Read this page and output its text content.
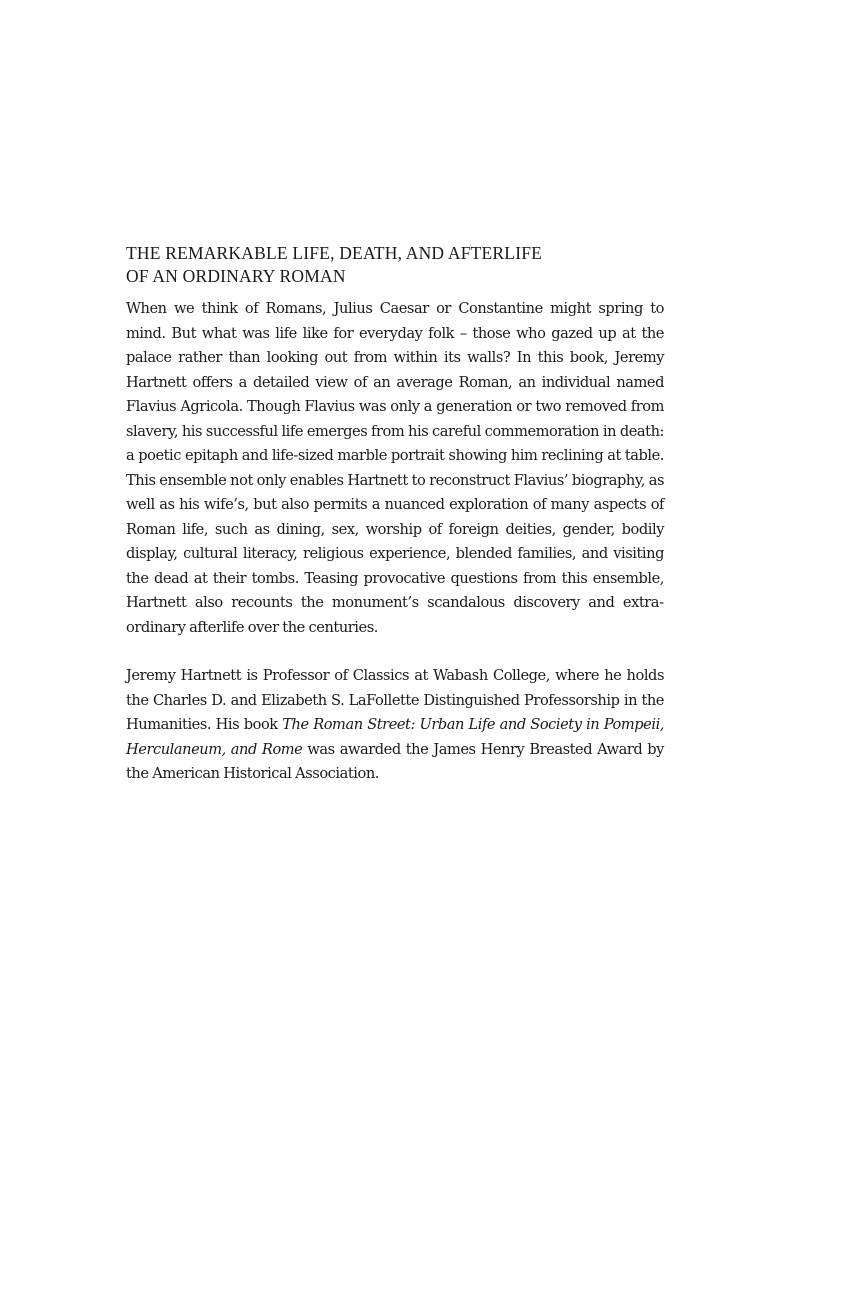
THE REMARKABLE LIFE, DEATH, AND AFTERLIFE
OF AN ORDINARY ROMAN

When we think of Romans, Julius Caesar or Constantine might spring to mind. But what was life like for everyday folk – those who gazed up at the palace rather than looking out from within its walls? In this book, Jeremy Hartnett offers a detailed view of an average Roman, an individual named Flavius Agricola. Though Flavius was only a generation or two removed from slavery, his successful life emerges from his careful commemoration in death: a poetic epitaph and life-sized marble portrait showing him reclining at table. This ensemble not only enables Hartnett to reconstruct Flavius’ biography, as well as his wife’s, but also permits a nuanced exploration of many aspects of Roman life, such as dining, sex, worship of foreign deities, gender, bodily display, cultural literacy, religious experience, blended families, and visiting the dead at their tombs. Teasing provocative questions from this ensemble, Hartnett also recounts the monument’s scandalous discovery and extraordinary afterlife over the centuries.

Jeremy Hartnett is Professor of Classics at Wabash College, where he holds the Charles D. and Elizabeth S. LaFollette Distinguished Professorship in the Humanities. His book The Roman Street: Urban Life and Society in Pompeii, Herculaneum, and Rome was awarded the James Henry Breasted Award by the American Historical Association.
